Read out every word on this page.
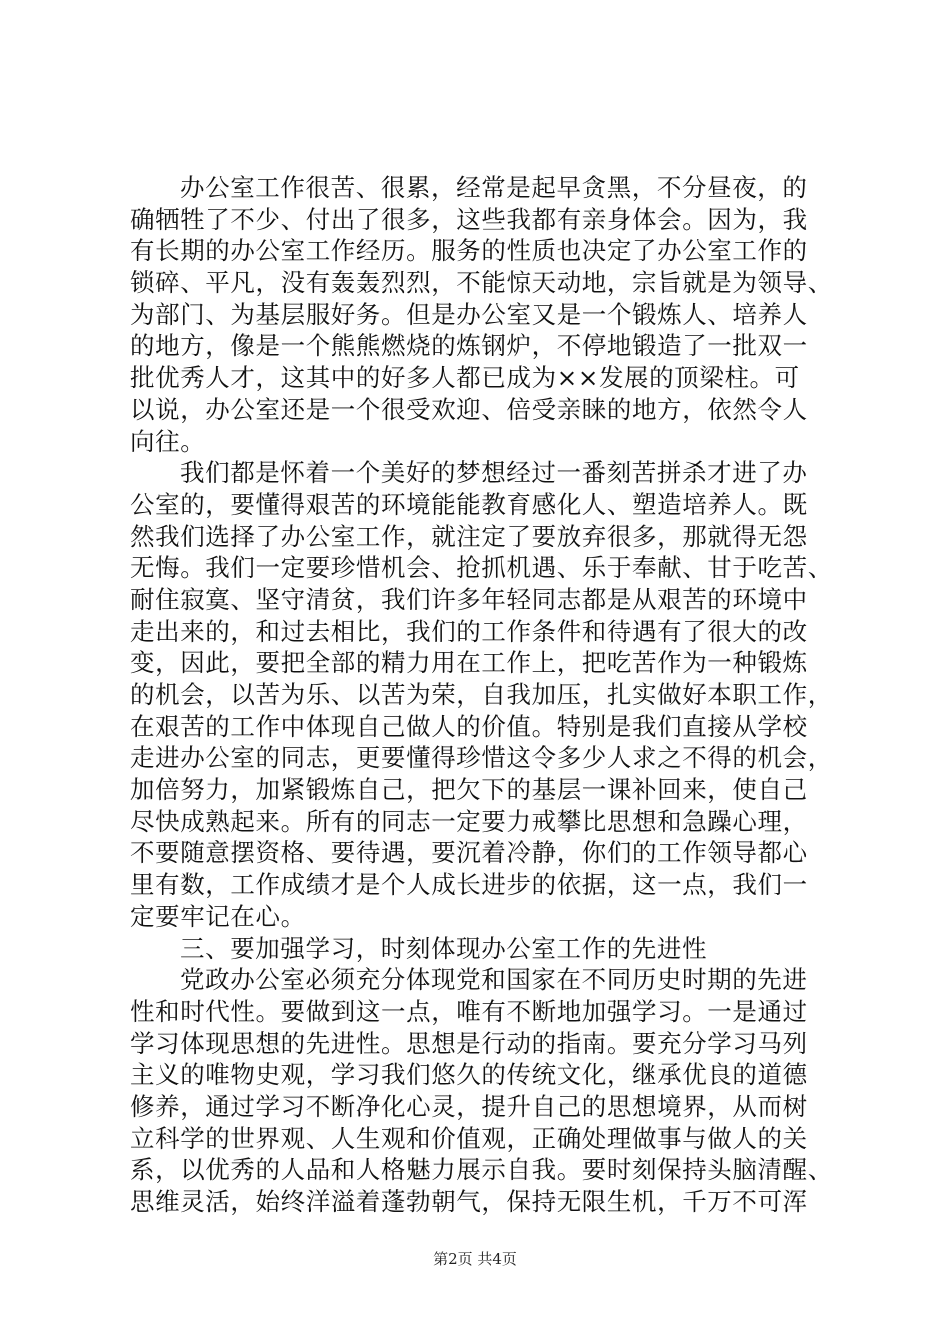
办公室工作很苦、很累，经常是起早贪黑，不分昼夜，的
确牺牲了不少、付出了很多，这些我都有亲身体会。因为，我
有长期的办公室工作经历。服务的性质也决定了办公室工作的
锁碎、平凡，没有轰轰烈烈，不能惊天动地，宗旨就是为领导、
为部门、为基层服好务。但是办公室又是一个锻炼人、培养人
的地方，像是一个熊熊燃烧的炼钢炉，不停地锻造了一批双一
批优秀人才，这其中的好多人都已成为××发展的顶梁柱。可
以说，办公室还是一个很受欢迎、倍受亲睐的地方，依然令人
向往。
我们都是怀着一个美好的梦想经过一番刻苦拼杀才进了办
公室的，要懂得艰苦的环境能能教育感化人、塑造培养人。既
然我们选择了办公室工作，就注定了要放弃很多，那就得无怨
无悔。我们一定要珍惜机会、抢抓机遇、乐于奉献、甘于吃苦、
耐住寂寞、坚守清贫，我们许多年轻同志都是从艰苦的环境中
走出来的，和过去相比，我们的工作条件和待遇有了很大的改
变，因此，要把全部的精力用在工作上，把吃苦作为一种锻炼
的机会，以苦为乐、以苦为荣，自我加压，扎实做好本职工作，
在艰苦的工作中体现自己做人的价值。特别是我们直接从学校
走进办公室的同志，更要懂得珍惜这令多少人求之不得的机会，
加倍努力，加紧锻炼自己，把欠下的基层一课补回来，使自己
尽快成熟起来。所有的同志一定要力戒攀比思想和急躁心理，
不要随意摆资格、要待遇，要沉着冷静，你们的工作领导都心
里有数，工作成绩才是个人成长进步的依据，这一点，我们一
定要牢记在心。
三、要加强学习，时刻体现办公室工作的先进性
党政办公室必须充分体现党和国家在不同历史时期的先进
性和时代性。要做到这一点，唯有不断地加强学习。一是通过
学习体现思想的先进性。思想是行动的指南。要充分学习马列
主义的唯物史观，学习我们悠久的传统文化，继承优良的道德
修养，通过学习不断净化心灵，提升自己的思想境界，从而树
立科学的世界观、人生观和价值观，正确处理做事与做人的关
系，以优秀的人品和人格魅力展示自我。要时刻保持头脑清醒、
思维灵活，始终洋溢着蓬勃朝气，保持无限生机，千万不可浑
第2页 共4页
